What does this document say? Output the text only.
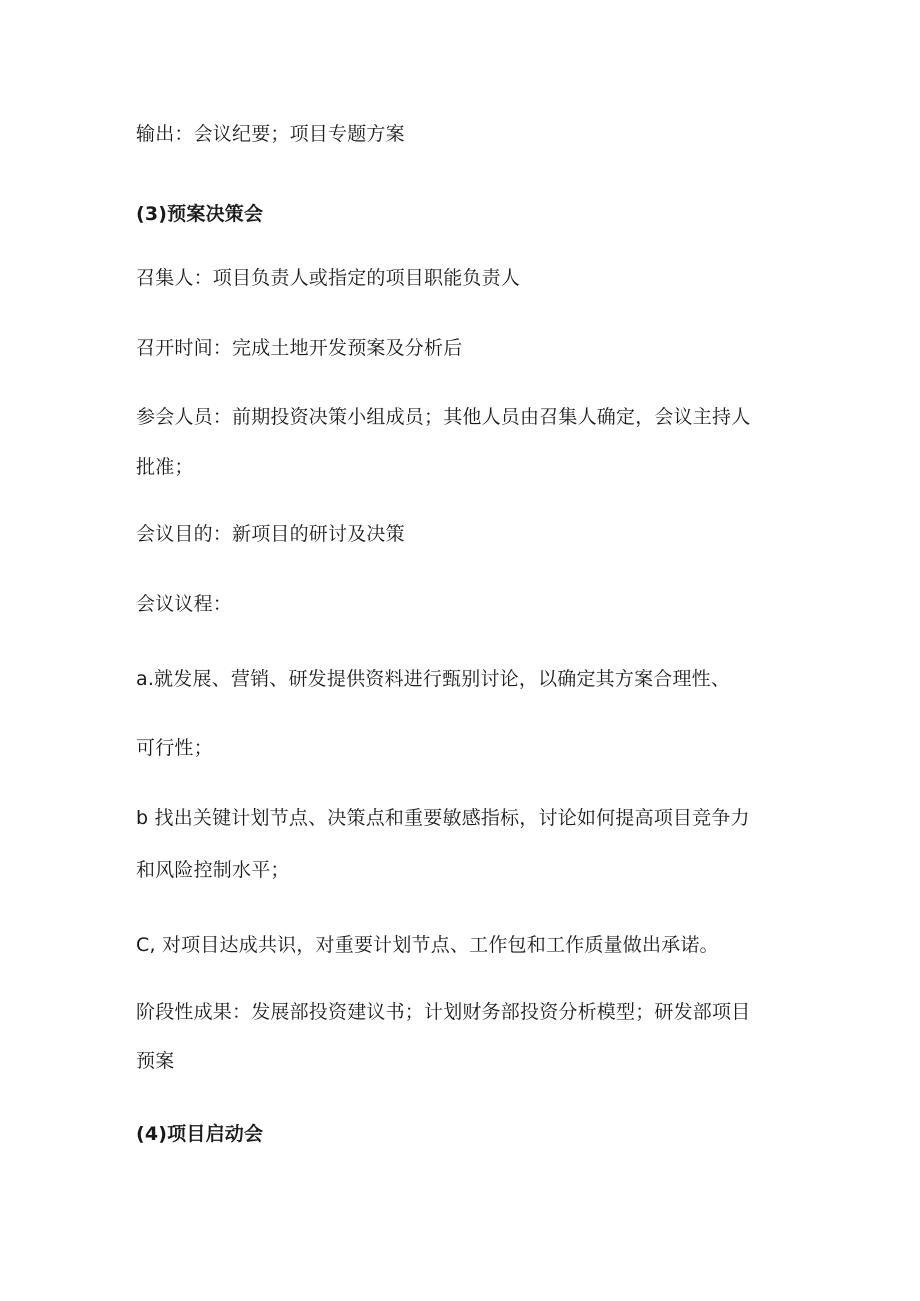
输出：会议纪要；项目专题方案
(3)预案决策会
召集人：项目负责人或指定的项目职能负责人
召开时间：完成土地开发预案及分析后
参会人员：前期投资决策小组成员；其他人员由召集人确定，会议主持人
批准；
会议目的：新项目的研讨及决策
会议议程：
a.就发展、营销、研发提供资料进行甄别讨论，以确定其方案合理性、
可行性；
b 找出关键计划节点、决策点和重要敏感指标，讨论如何提高项目竞争力
和风险控制水平；
C, 对项目达成共识，对重要计划节点、工作包和工作质量做出承诺。
阶段性成果：发展部投资建议书；计划财务部投资分析模型；研发部项目
预案
(4)项目启动会
